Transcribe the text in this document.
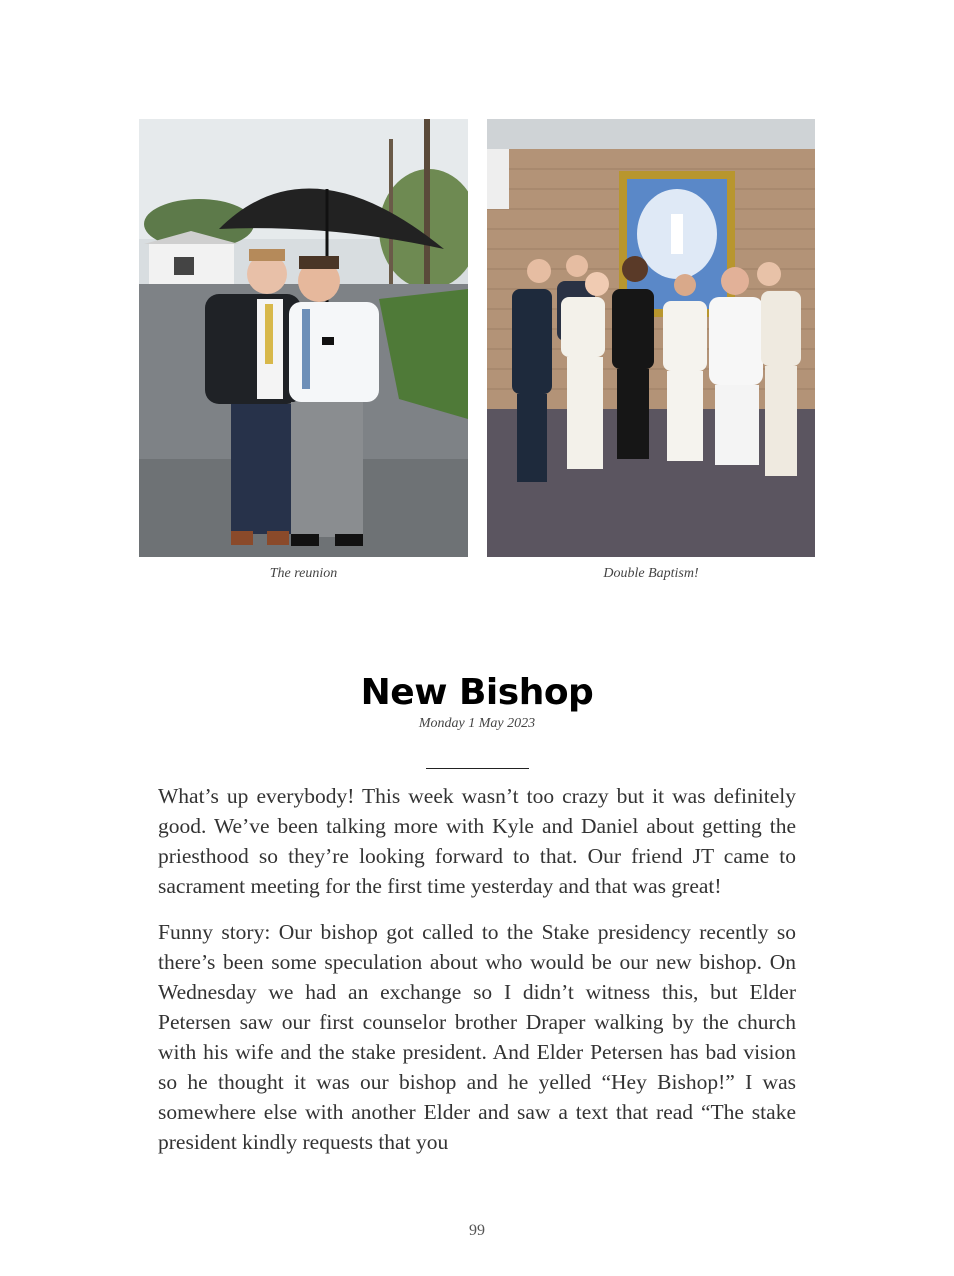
The reunion	Double Baptism!
New Bishop
Monday 1 May 2023

What’s up everybody! This week wasn’t too crazy but it was definitely good. We’ve been talking more with Kyle and Daniel about getting the priesthood so they’re looking forward to that. Our friend JT came to sacrament meeting for the first time yesterday and that was great!

Funny story: Our bishop got called to the Stake presidency recently so there’s been some speculation about who would be our new bishop. On Wednesday we had an exchange so I didn’t witness this, but Elder Petersen saw our first counselor brother Draper walking by the church with his wife and the stake president. And Elder Petersen has bad vision so he thought it was our bishop and he yelled “Hey Bishop!” I was somewhere else with another Elder and saw a text that read “The stake president kindly requests that you

99
